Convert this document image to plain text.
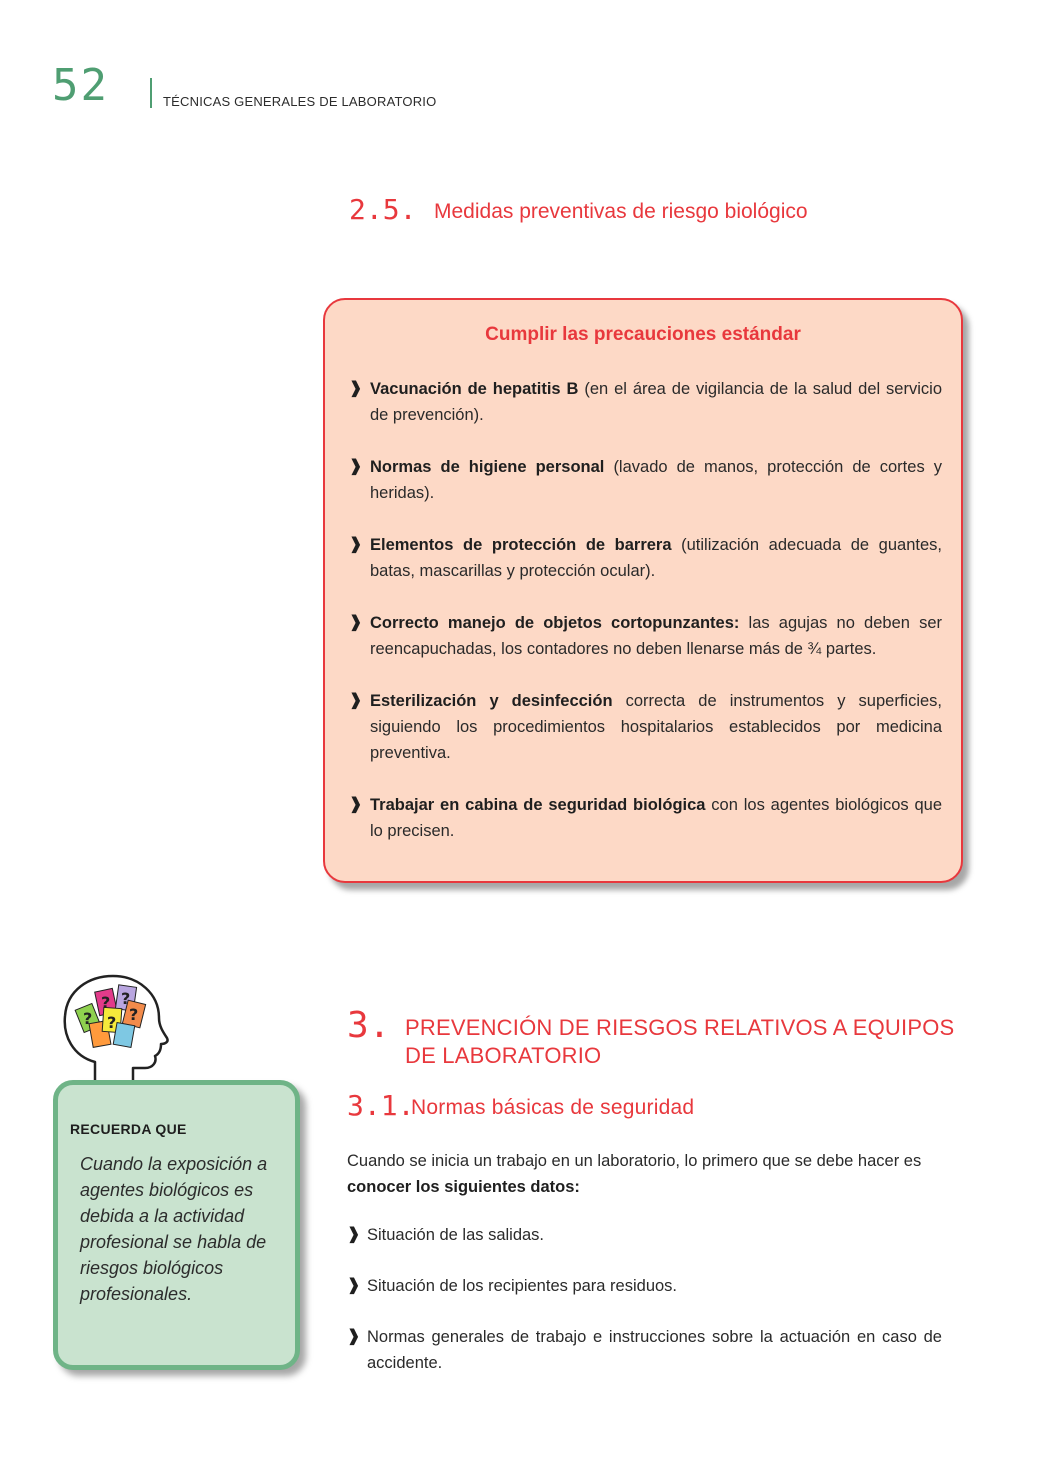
52	TÉCNICAS GENERALES DE LABORATORIO
2.5. Medidas preventivas de riesgo biológico
Cumplir las precauciones estándar
❱ Vacunación de hepatitis B (en el área de vigilancia de la salud del servicio de prevención).
❱ Normas de higiene personal (lavado de manos, protección de cortes y heridas).
❱ Elementos de protección de barrera (utilización adecuada de guantes, batas, mascarillas y protección ocular).
❱ Correcto manejo de objetos cortopunzantes: las agujas no deben ser reencapuchadas, los contadores no deben llenarse más de ¾ partes.
❱ Esterilización y desinfección correcta de instrumentos y superficies, siguiendo los procedimientos hospitalarios establecidos por medicina preventiva.
❱ Trabajar en cabina de seguridad biológica con los agentes biológicos que lo precisen.
? ?
? ? ?
RECUERDA QUE
Cuando la exposición a agentes biológicos es debida a la actividad profesional se habla de riesgos biológicos profesionales.
3. PREVENCIÓN DE RIESGOS RELATIVOS A EQUIPOS DE LABORATORIO
3.1.
Normas básicas de seguridad
Cuando se inicia un trabajo en un laboratorio, lo primero que se debe hacer es conocer los siguientes datos:
❱ Situación de las salidas.
❱ Situación de los recipientes para residuos.
❱ Normas generales de trabajo e instrucciones sobre la actuación en caso de accidente.
